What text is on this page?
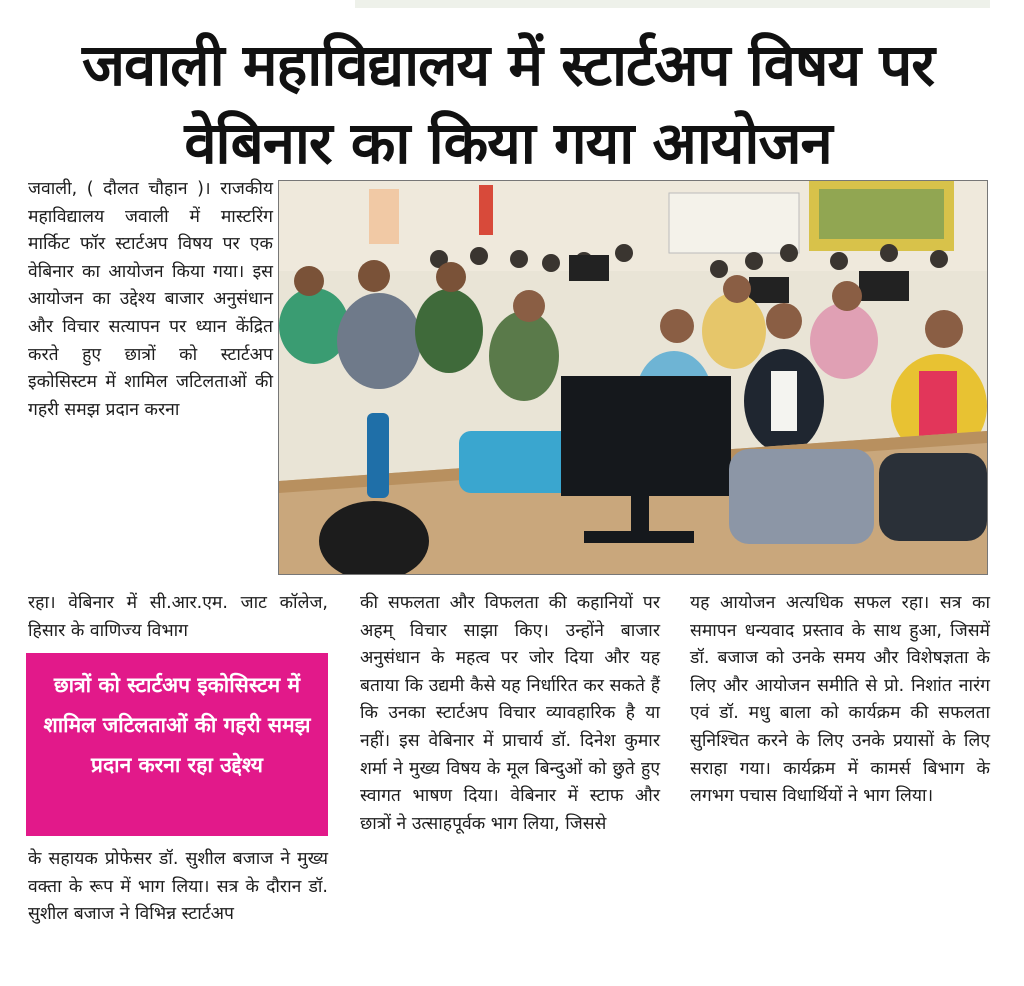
जवाली महाविद्यालय में स्टार्टअप विषय पर वेबिनार का किया गया आयोजन

जवाली, ( दौलत चौहान )। राजकीय महाविद्यालय जवाली में मास्टरिंग मार्किट फॉर स्टार्टअप विषय पर एक वेबिनार का आयोजन किया गया। इस आयोजन का उद्देश्य बाजार अनुसंधान और विचार सत्यापन पर ध्यान केंद्रित करते हुए छात्रों को स्टार्टअप इकोसिस्टम में शामिल जटिलताओं की गहरी समझ प्रदान करना

रहा। वेबिनार में सी.आर.एम. जाट कॉलेज, हिसार के वाणिज्य विभाग

छात्रों को स्टार्टअप इकोसिस्टम में शामिल जटिलताओं की गहरी समझ प्रदान करना रहा उद्देश्य

के सहायक प्रोफेसर डॉ. सुशील बजाज ने मुख्य वक्ता के रूप में भाग लिया। सत्र के दौरान डॉ. सुशील बजाज ने विभिन्न स्टार्टअप

की सफलता और विफलता की कहानियों पर अहम् विचार साझा किए। उन्होंने बाजार अनुसंधान के महत्व पर जोर दिया और यह बताया कि उद्यमी कैसे यह निर्धारित कर सकते हैं कि उनका स्टार्टअप विचार व्यावहारिक है या नहीं। इस वेबिनार में प्राचार्य डॉ. दिनेश कुमार शर्मा ने मुख्य विषय के मूल बिन्दुओं को छुते हुए स्वागत भाषण दिया। वेबिनार में स्टाफ और छात्रों ने उत्साहपूर्वक भाग लिया, जिससे

यह आयोजन अत्यधिक सफल रहा। सत्र का समापन धन्यवाद प्रस्ताव के साथ हुआ, जिसमें डॉ. बजाज को उनके समय और विशेषज्ञता के लिए और आयोजन समीति से प्रो. निशांत नारंग एवं डॉ. मधु बाला को कार्यक्रम की सफलता सुनिश्चित करने के लिए उनके प्रयासों के लिए सराहा गया। कार्यक्रम में कामर्स बिभाग के लगभग पचास विधार्थियों ने भाग लिया।
